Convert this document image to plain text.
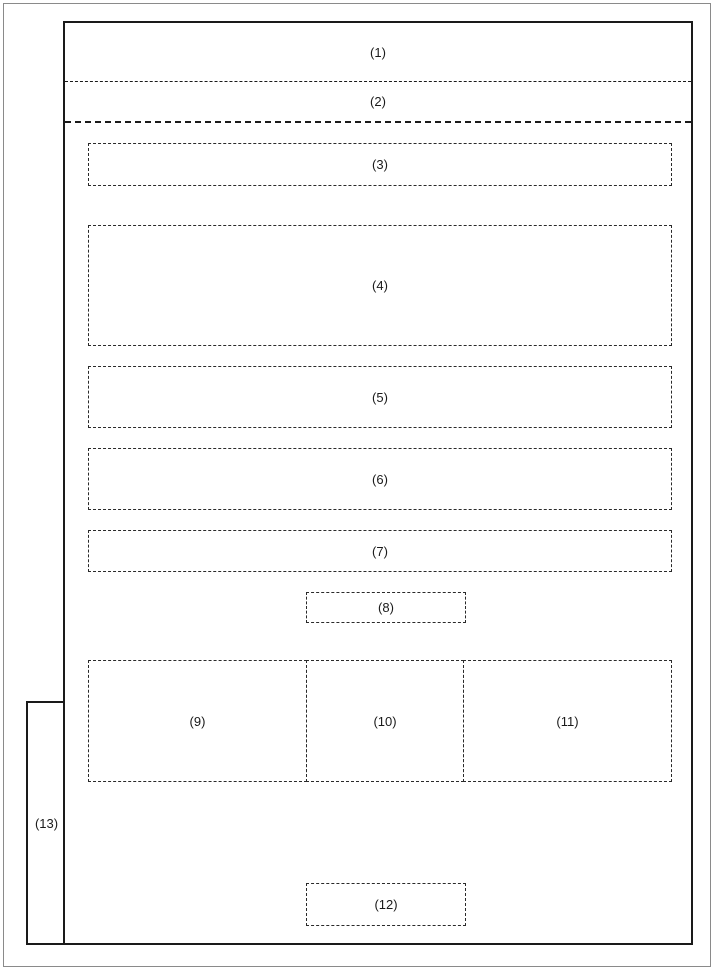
(13)
(1)
(2)
(3)
(4)
(5)
(6)
(7)
(8)
(9)	(10)	(11)
(12)
